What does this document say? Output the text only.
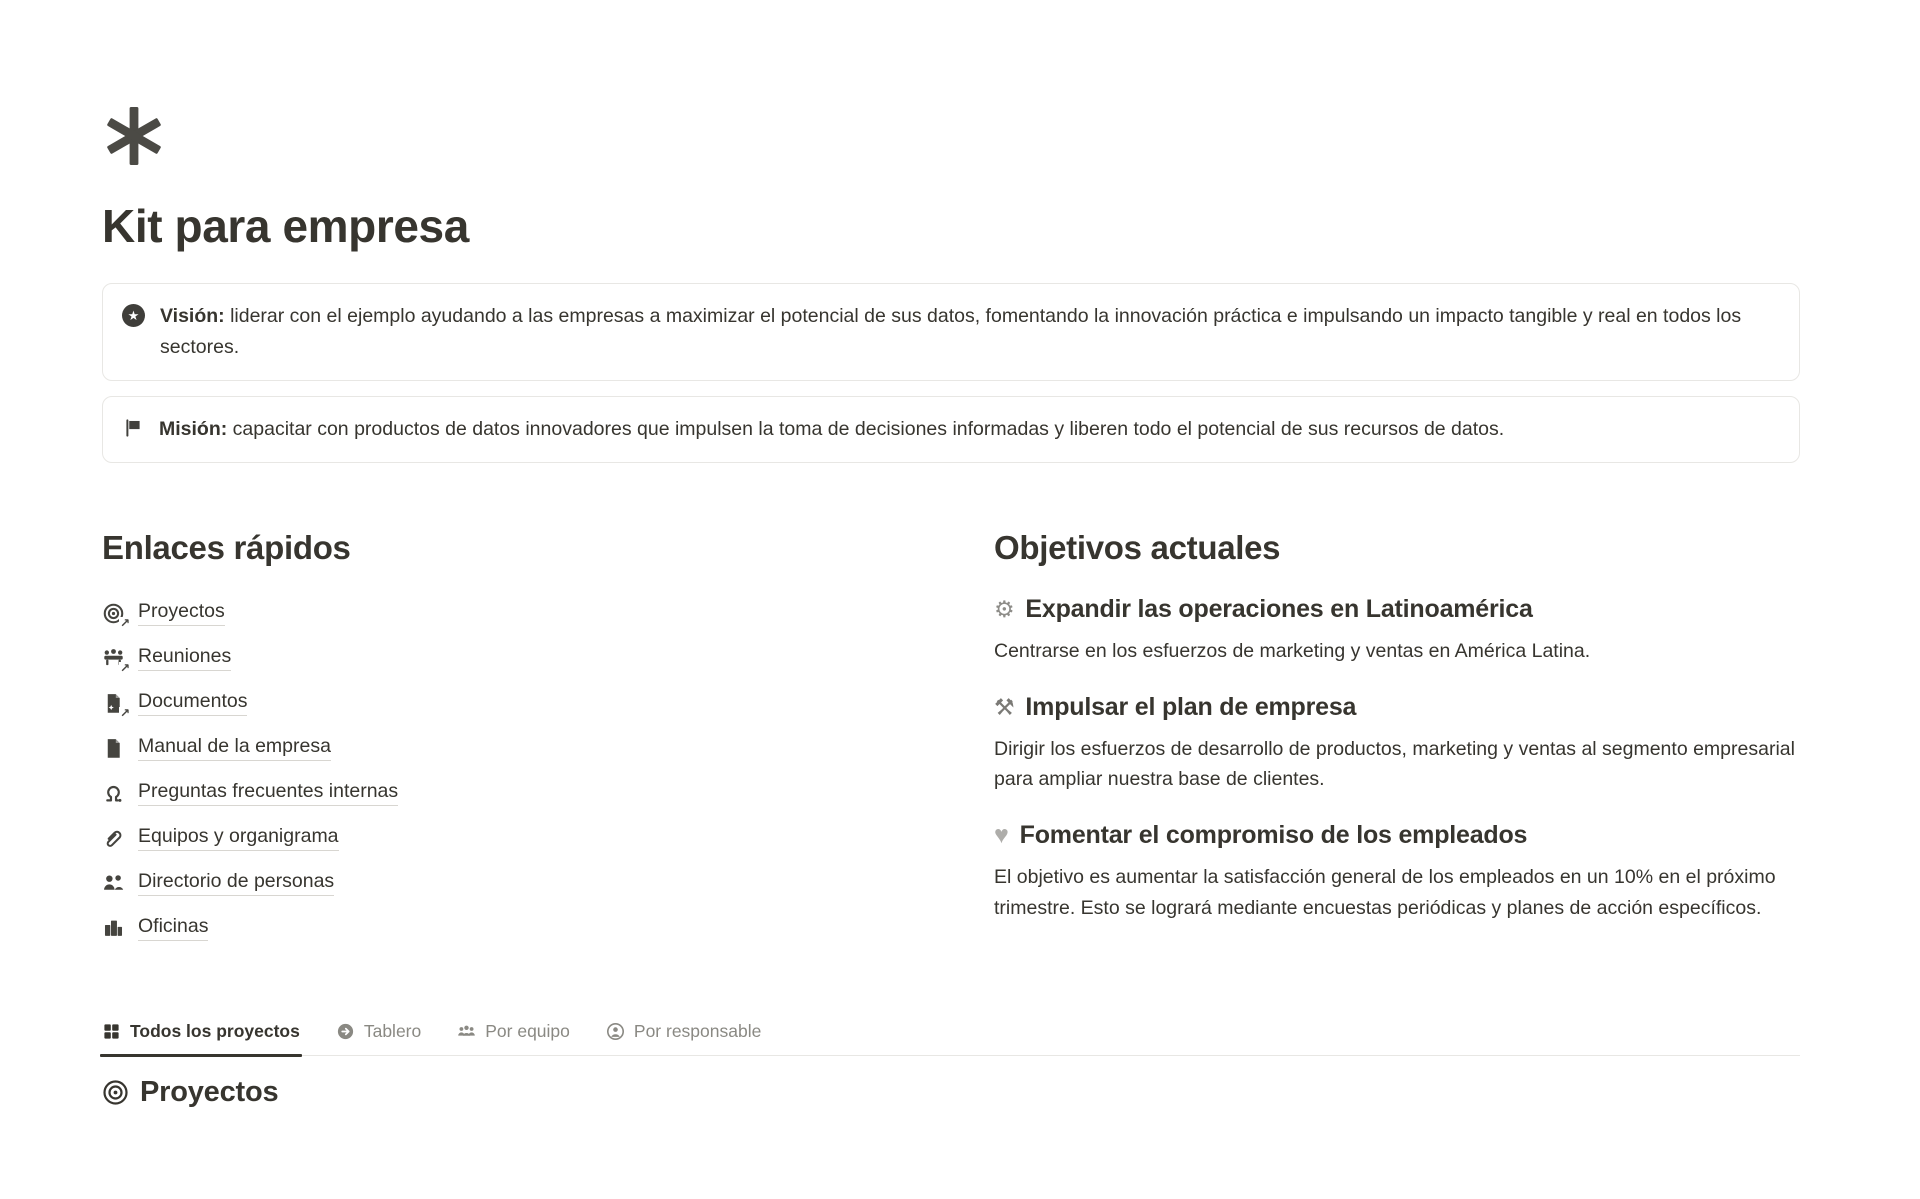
Kit para empresa
★ Visión: liderar con el ejemplo ayudando a las empresas a maximizar el potencial de sus datos, fomentando la innovación práctica e impulsando un impacto tangible y real en todos los sectores.
Misión: capacitar con productos de datos innovadores que impulsen la toma de decisiones informadas y liberen todo el potencial de sus recursos de datos.
Enlaces rápidos
↗
Proyectos
↗
Reuniones
↗
Documentos
Manual de la empresa
Preguntas frecuentes internas
Equipos y organigrama
Directorio de personas
Oficinas
Objetivos actuales
⚙ Expandir las operaciones en Latinoamérica

Centrarse en los esfuerzos de marketing y ventas en América Latina.

⚒ Impulsar el plan de empresa

Dirigir los esfuerzos de desarrollo de productos, marketing y ventas al segmento empresarial para ampliar nuestra base de clientes.

♥ Fomentar el compromiso de los empleados

El objetivo es aumentar la satisfacción general de los empleados en un 10% en el próximo trimestre. Esto se logrará mediante encuestas periódicas y planes de acción específicos.

Todos los proyectos	Tablero	Por equipo	Por responsable
Proyectos
